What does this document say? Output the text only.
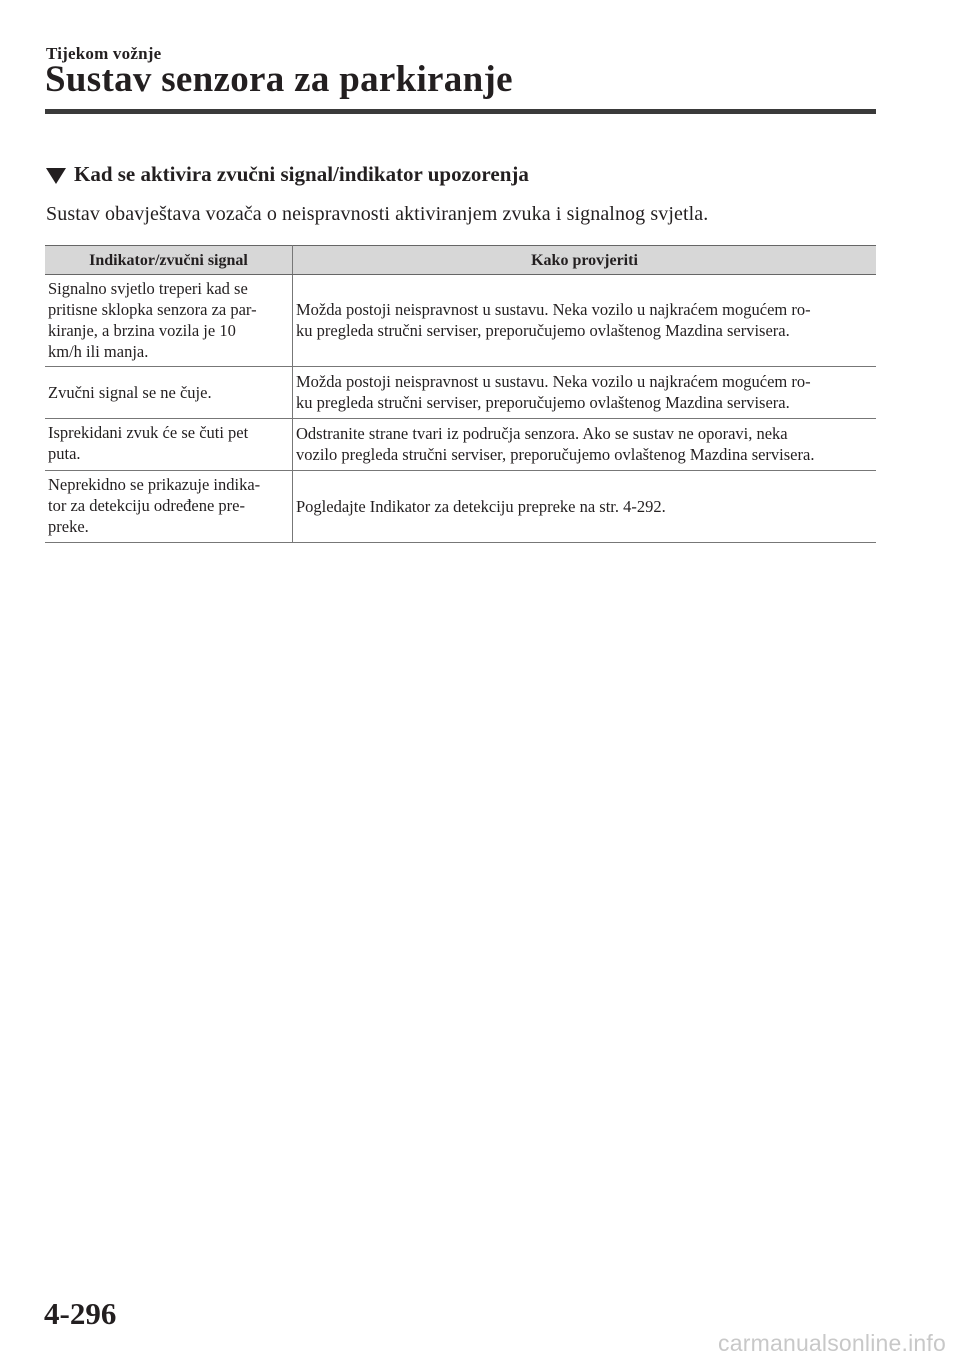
Tijekom vožnje
Sustav senzora za parkiranje
Kad se aktivira zvučni signal/indikator upozorenja
Sustav obavještava vozača o neispravnosti aktiviranjem zvuka i signalnog svjetla.
Indikator/zvučni signal	Kako provjeriti
Signalno svjetlo treperi kad se
pritisne sklopka senzora za par-
kiranje, a brzina vozila je 10
km/h ili manja.	Možda postoji neispravnost u sustavu. Neka vozilo u najkraćem mogućem ro-
ku pregleda stručni serviser, preporučujemo ovlaštenog Mazdina servisera.
Zvučni signal se ne čuje.	Možda postoji neispravnost u sustavu. Neka vozilo u najkraćem mogućem ro-
ku pregleda stručni serviser, preporučujemo ovlaštenog Mazdina servisera.
Isprekidani zvuk će se čuti pet
puta.	Odstranite strane tvari iz područja senzora. Ako se sustav ne oporavi, neka
vozilo pregleda stručni serviser, preporučujemo ovlaštenog Mazdina servisera.
Neprekidno se prikazuje indika-
tor za detekciju određene pre-
preke.	Pogledajte Indikator za detekciju prepreke na str. 4-292.
4-296
carmanualsonline.info
